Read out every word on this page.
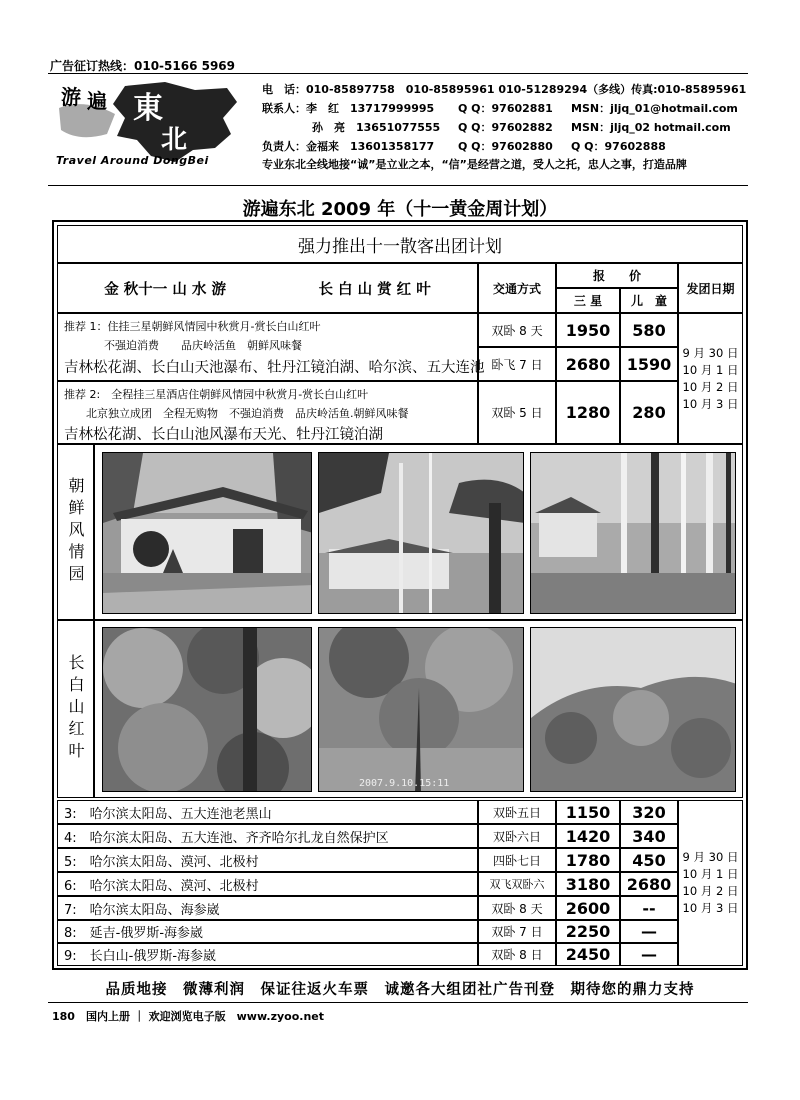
广告征订热线：010-5166 5969
游 遍 東
北
Travel Around DongBei
电　话：010-85897758　010-85895961 010-51289294（多线）传真:010-85895961
联系人：李　红　13717999995 Q Q：97602881 MSN：jljq_01@hotmail.com
孙　亮　13651077555 Q Q：97602882 MSN：jljq_02 hotmail.com
负责人：金福来　13601358177 Q Q：97602880 Q Q：97602888
专业东北全线地接“诚”是立业之本，“信”是经营之道，受人之托，忠人之事，打造品牌
游遍东北 2009 年（十一黄金周计划）
强力推出十一散客出团计划
金 秋十一 山 水 游	长 白 山 赏 红 叶	交通方式
报　　价
三 星	儿　童
发团日期
推荐 1：住挂三星朝鲜风情园中秋赏月-赏长白山红叶
不强迫消费　　品庆岭活鱼　朝鲜风味餐
吉林松花湖、长白山天池瀑布、牡丹江镜泊湖、哈尔滨、五大连池
双卧 8 天	1950	580
卧飞 7 日	2680	1590
推荐 2:　全程挂三星酒店住朝鲜风情园中秋赏月-赏长白山红叶
北京独立成团　全程无购物　不强迫消费　品庆岭活鱼.朝鲜风味餐
吉林松花湖、长白山池风瀑布天光、牡丹江镜泊湖
双卧 5 日	1280	280
9 月 30 日
10 月 1 日
10 月 2 日
10 月 3 日
朝鲜风情园
长白山红叶
2007.9.10.15:11
3:　哈尔滨太阳岛、五大连池老黑山	双卧五日	1150	320
4:　哈尔滨太阳岛、五大连池、齐齐哈尔扎龙自然保护区	双卧六日	1420	340
5:　哈尔滨太阳岛、漠河、北极村	四卧七日	1780	450
6:　哈尔滨太阳岛、漠河、北极村	双飞双卧六	3180	2680
7:　哈尔滨太阳岛、海参崴	双卧 8 天	2600	--
8:　延吉-俄罗斯-海参崴	双卧 7 日	2250	—
9:　长白山-俄罗斯-海参崴	双卧 8 日	2450	—
9 月 30 日
10 月 1 日
10 月 2 日
10 月 3 日
品质地接　微薄利润　保证往返火车票　诚邀各大组团社广告刊登　期待您的鼎力支持
180　国内上册 ｜ 欢迎浏览电子版　www.zyoo.net
